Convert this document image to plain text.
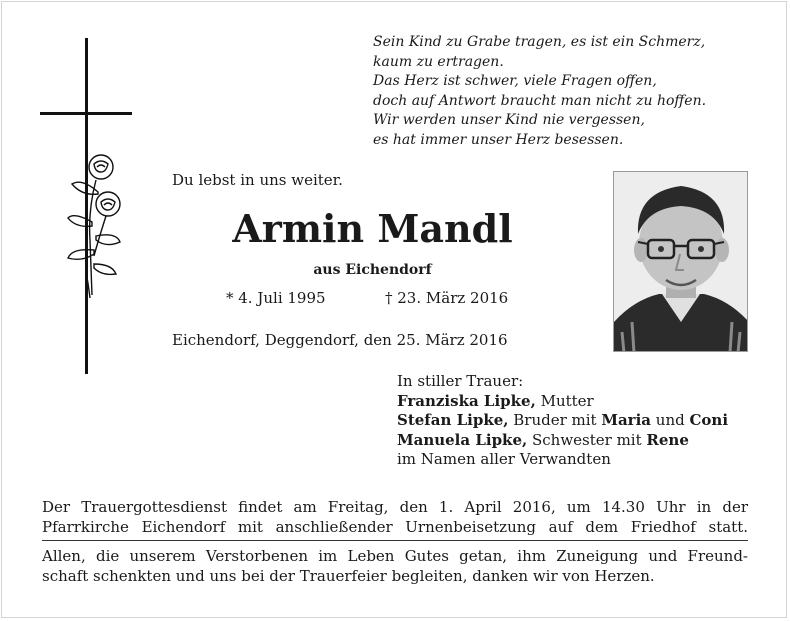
Sein Kind zu Grabe tragen, es ist ein Schmerz,
kaum zu ertragen.
Das Herz ist schwer, viele Fragen offen,
doch auf Antwort braucht man nicht zu hoffen.
Wir werden unser Kind nie vergessen,
es hat immer unser Herz besessen.
Du lebst in uns weiter.
Armin Mandl
aus Eichendorf
* 4. Juli 1995	† 23. März 2016
Eichendorf, Deggendorf, den 25. März 2016
In stiller Trauer:
Franziska Lipke, Mutter
Stefan Lipke, Bruder mit Maria und Coni
Manuela Lipke, Schwester mit Rene
im Namen aller Verwandten
Der Trauergottesdienst findet am Freitag, den 1. April 2016, um 14.30 Uhr in der
Pfarrkirche Eichendorf mit anschließender Urnenbeisetzung auf dem Friedhof statt.
Allen, die unserem Verstorbenen im Leben Gutes getan, ihm Zuneigung und Freund-
schaft schenkten und uns bei der Trauerfeier begleiten, danken wir von Herzen.
